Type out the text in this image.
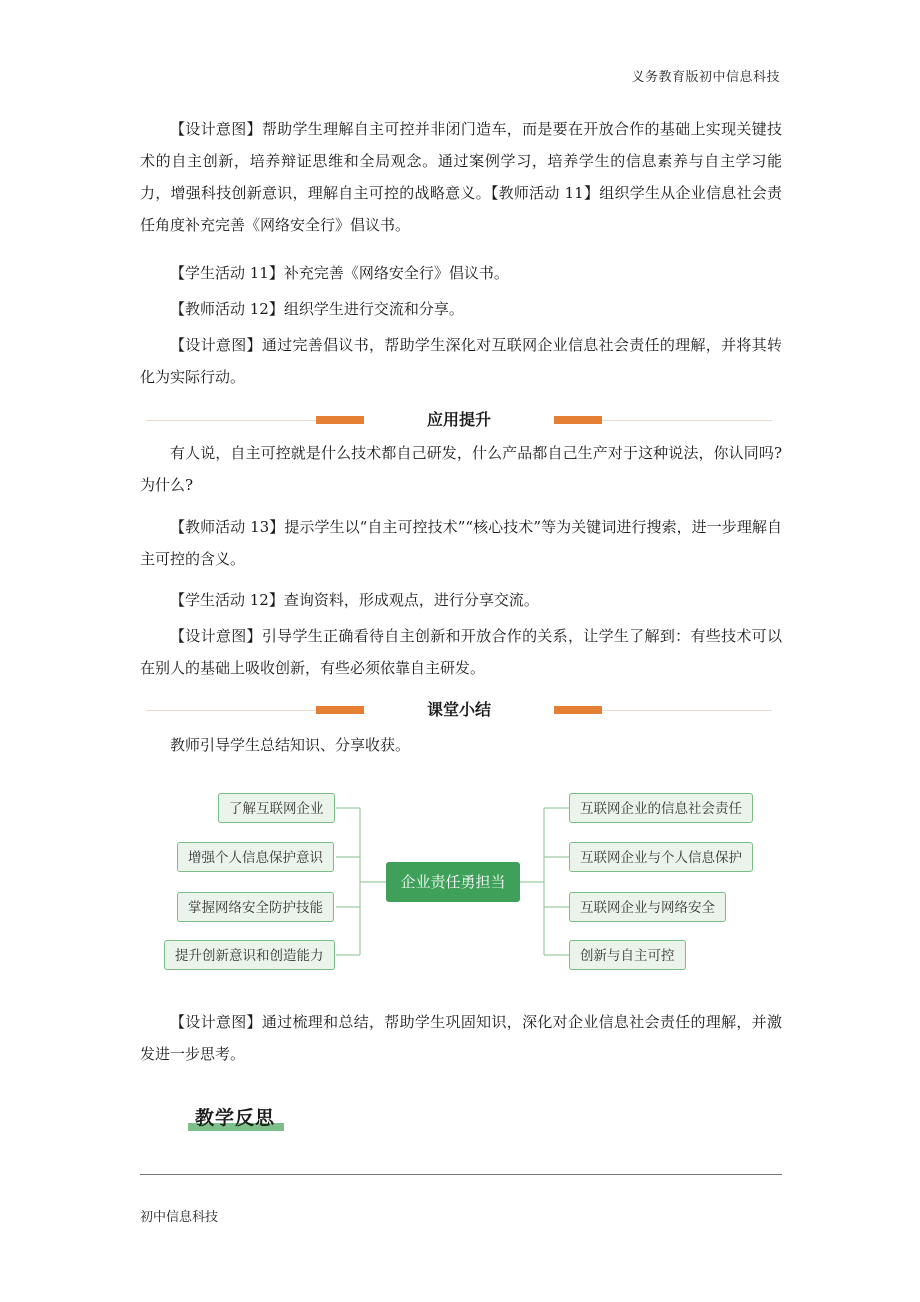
义务教育版初中信息科技

【设计意图】帮助学生理解自主可控并非闭门造车，而是要在开放合作的基础上实现关键技术的自主创新，培养辩证思维和全局观念。通过案例学习，培养学生的信息素养与自主学习能力，增强科技创新意识，理解自主可控的战略意义。【教师活动 11】组织学生从企业信息社会责任角度补充完善《网络安全行》倡议书。

【学生活动 11】补充完善《网络安全行》倡议书。

【教师活动 12】组织学生进行交流和分享。

【设计意图】通过完善倡议书，帮助学生深化对互联网企业信息社会责任的理解，并将其转化为实际行动。

应用提升

有人说，自主可控就是什么技术都自己研发，什么产品都自己生产对于这种说法，你认同吗?为什么?

【教师活动 13】提示学生以“自主可控技术”“核心技术”等为关键词进行搜索，进一步理解自主可控的含义。

【学生活动 12】查询资料，形成观点，进行分享交流。

【设计意图】引导学生正确看待自主创新和开放合作的关系，让学生了解到：有些技术可以在别人的基础上吸收创新，有些必须依靠自主研发。

课堂小结

教师引导学生总结知识、分享收获。

了解互联网企业
增强个人信息保护意识
掌握网络安全防护技能
提升创新意识和创造能力
企业责任勇担当
互联网企业的信息社会责任
互联网企业与个人信息保护
互联网企业与网络安全
创新与自主可控

【设计意图】通过梳理和总结，帮助学生巩固知识，深化对企业信息社会责任的理解，并激发进一步思考。

教学反思
初中信息科技
